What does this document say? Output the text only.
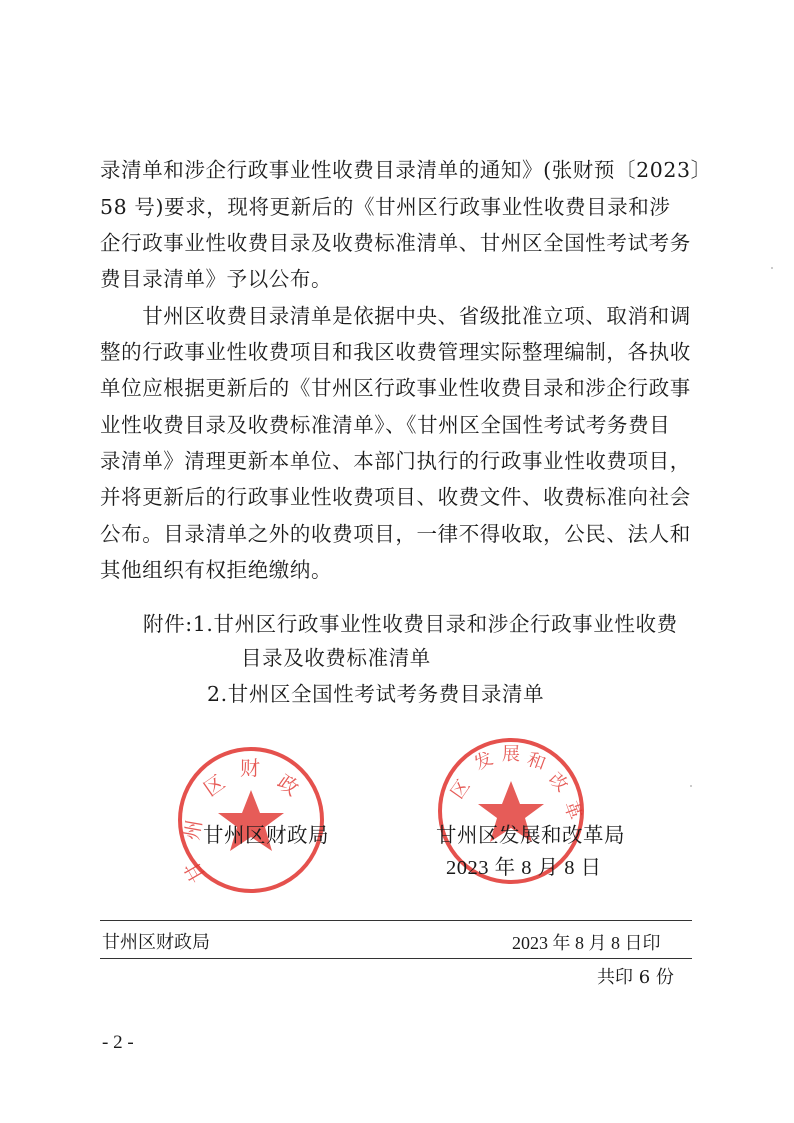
录清单和涉企行政事业性收费目录清单的通知》(张财预〔2023〕
58 号)要求，现将更新后的《甘州区行政事业性收费目录和涉
企行政事业性收费目录及收费标准清单、甘州区全国性考试考务
费目录清单》予以公布。
　　甘州区收费目录清单是依据中央、省级批准立项、取消和调
整的行政事业性收费项目和我区收费管理实际整理编制，各执收
单位应根据更新后的《甘州区行政事业性收费目录和涉企行政事
业性收费目录及收费标准清单》、《甘州区全国性考试考务费目
录清单》清理更新本单位、本部门执行的行政事业性收费项目，
并将更新后的行政事业性收费项目、收费文件、收费标准向社会
公布。目录清单之外的收费项目，一律不得收取，公民、法人和
其他组织有权拒绝缴纳。
附件:1.甘州区行政事业性收费目录和涉企行政事业性收费
目录及收费标准清单
2.甘州区全国性考试考务费目录清单
区
财
政
州
甘
区
发 展 和
改
革
甘州区财政局	甘州区发展和改革局
2023 年 8 月 8 日
甘州区财政局	2023 年 8 月 8 日印
共印 6 份
- 2 -
